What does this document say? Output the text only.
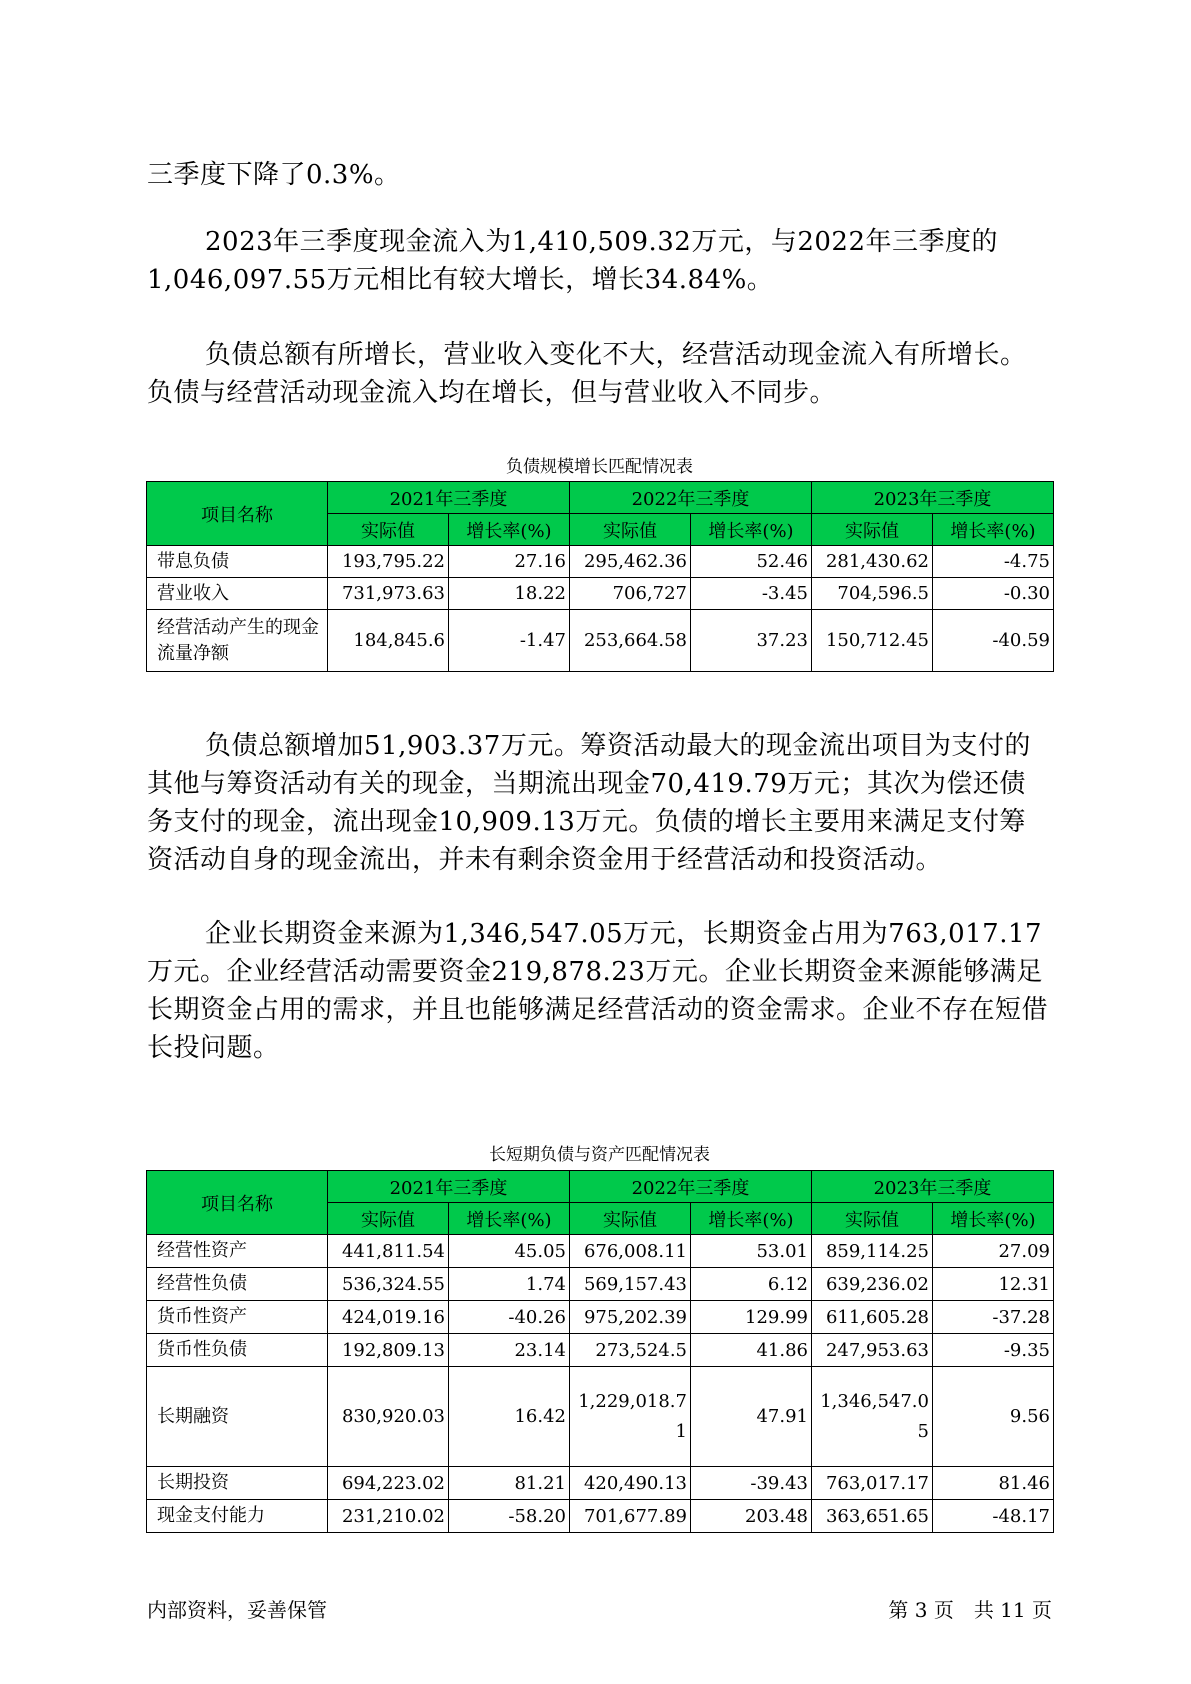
三季度下降了0.3%。

2023年三季度现金流入为1,410,509.32万元，与2022年三季度的1,046,097.55万元相比有较大增长，增长34.84%。

负债总额有所增长，营业收入变化不大，经营活动现金流入有所增长。负债与经营活动现金流入均在增长，但与营业收入不同步。

负债规模增长匹配情况表
项目名称	2021年三季度		2022年三季度		2023年三季度	
	实际值	增长率(%)	实际值	增长率(%)	实际值	增长率(%)
带息负债	193,795.22	27.16	295,462.36	52.46	281,430.62	-4.75
营业收入	731,973.63	18.22	706,727	-3.45	704,596.5	-0.30
经营活动产生的现金流量净额	184,845.6	-1.47	253,664.58	37.23	150,712.45	-40.59

负债总额增加51,903.37万元。筹资活动最大的现金流出项目为支付的其他与筹资活动有关的现金，当期流出现金70,419.79万元；其次为偿还债务支付的现金，流出现金10,909.13万元。负债的增长主要用来满足支付筹资活动自身的现金流出，并未有剩余资金用于经营活动和投资活动。

企业长期资金来源为1,346,547.05万元，长期资金占用为763,017.17万元。企业经营活动需要资金219,878.23万元。企业长期资金来源能够满足长期资金占用的需求，并且也能够满足经营活动的资金需求。企业不存在短借长投问题。

长短期负债与资产匹配情况表
项目名称	2021年三季度		2022年三季度		2023年三季度	
	实际值	增长率(%)	实际值	增长率(%)	实际值	增长率(%)
经营性资产	441,811.54	45.05	676,008.11	53.01	859,114.25	27.09
经营性负债	536,324.55	1.74	569,157.43	6.12	639,236.02	12.31
货币性资产	424,019.16	-40.26	975,202.39	129.99	611,605.28	-37.28
货币性负债	192,809.13	23.14	273,524.5	41.86	247,953.63	-9.35
长期融资	830,920.03	16.42	1,229,018.71	47.91	1,346,547.05	9.56
长期投资	694,223.02	81.21	420,490.13	-39.43	763,017.17	81.46
现金支付能力	231,210.02	-58.20	701,677.89	203.48	363,651.65	-48.17
内部资料，妥善保管	第 3 页　共 11 页
